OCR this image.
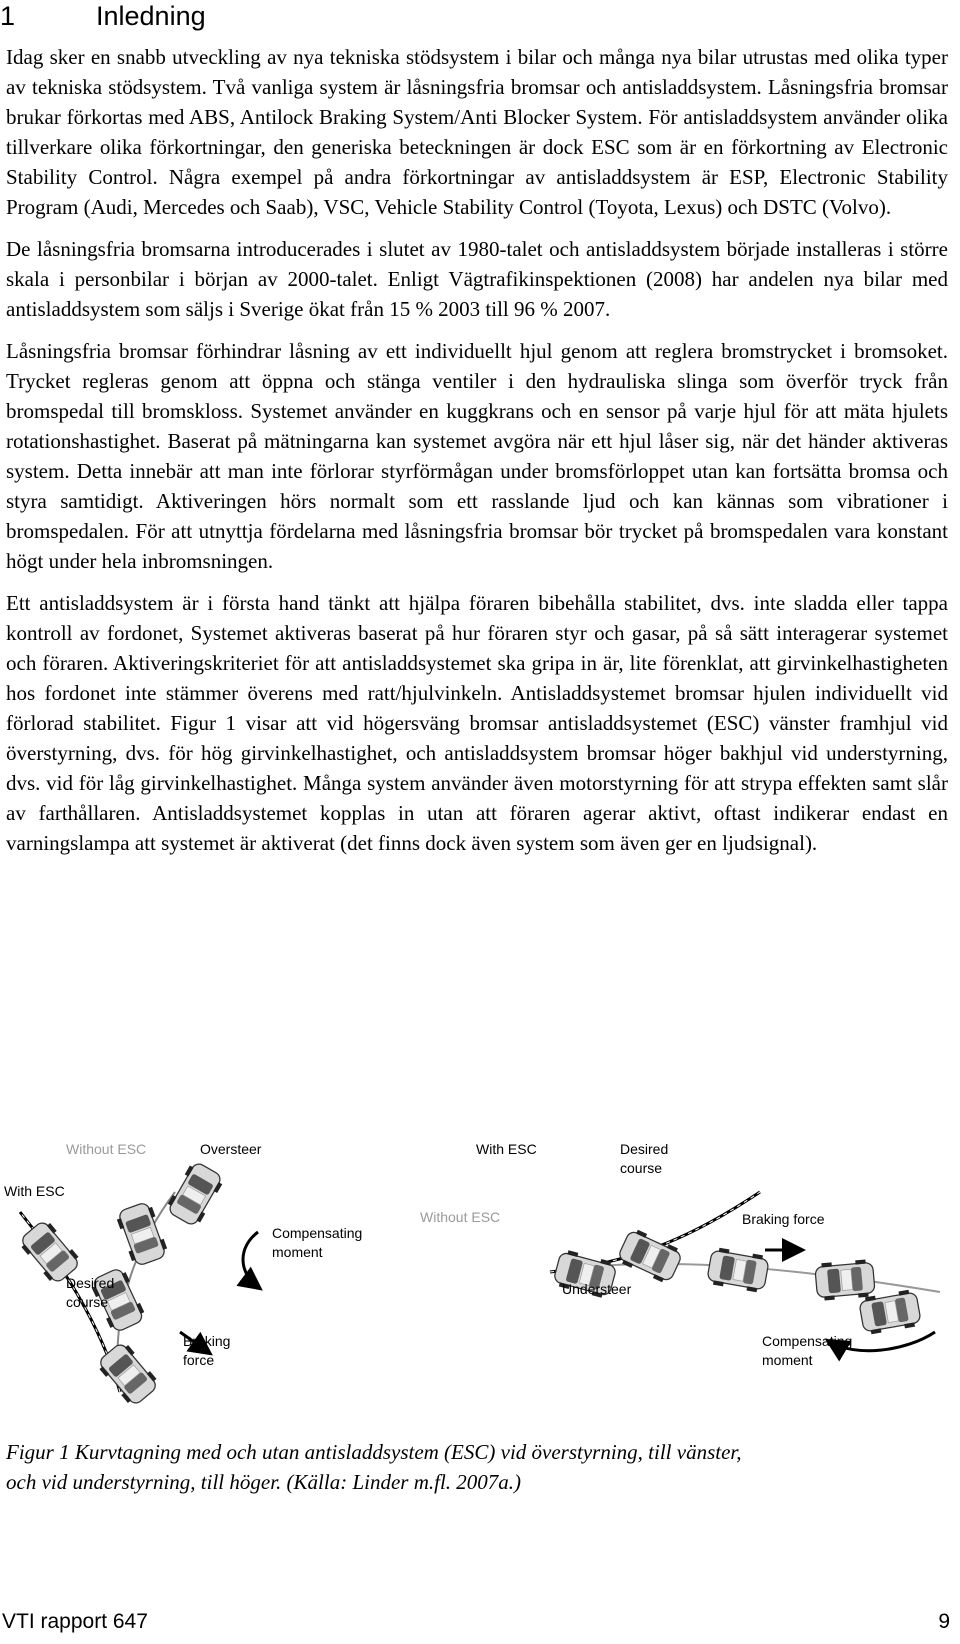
1	Inledning

Idag sker en snabb utveckling av nya tekniska stödsystem i bilar och många nya bilar utrustas med olika typer av tekniska stödsystem. Två vanliga system är låsningsfria bromsar och antisladdsystem. Låsningsfria bromsar brukar förkortas med ABS, Antilock Braking System/Anti Blocker System. För antisladdsystem använder olika tillverkare olika förkortningar, den generiska beteckningen är dock ESC som är en förkortning av Electronic Stability Control. Några exempel på andra förkortningar av antisladdsystem är ESP, Electronic Stability Program (Audi, Mercedes och Saab), VSC, Vehicle Stability Control (Toyota, Lexus) och DSTC (Volvo).

De låsningsfria bromsarna introducerades i slutet av 1980-talet och antisladdsystem började installeras i större skala i personbilar i början av 2000-talet. Enligt Vägtrafikinspektionen (2008) har andelen nya bilar med antisladdsystem som säljs i Sverige ökat från 15 % 2003 till 96 % 2007.

Låsningsfria bromsar förhindrar låsning av ett individuellt hjul genom att reglera bromstrycket i bromsoket. Trycket regleras genom att öppna och stänga ventiler i den hydrauliska slinga som överför tryck från bromspedal till bromskloss. Systemet använder en kuggkrans och en sensor på varje hjul för att mäta hjulets rotationshastighet. Baserat på mätningarna kan systemet avgöra när ett hjul låser sig, när det händer aktiveras system. Detta innebär att man inte förlorar styrförmågan under bromsförloppet utan kan fortsätta bromsa och styra samtidigt. Aktiveringen hörs normalt som ett rasslande ljud och kan kännas som vibrationer i bromspedalen. För att utnyttja fördelarna med låsningsfria bromsar bör trycket på bromspedalen vara konstant högt under hela inbromsningen.

Ett antisladdsystem är i första hand tänkt att hjälpa föraren bibehålla stabilitet, dvs. inte sladda eller tappa kontroll av fordonet, Systemet aktiveras baserat på hur föraren styr och gasar, på så sätt interagerar systemet och föraren. Aktiveringskriteriet för att antisladdsystemet ska gripa in är, lite förenklat, att girvinkelhastigheten hos fordonet inte stämmer överens med ratt/hjulvinkeln. Antisladdsystemet bromsar hjulen individuellt vid förlorad stabilitet. Figur 1 visar att vid högersväng bromsar antisladdsystemet (ESC) vänster framhjul vid överstyrning, dvs. för hög girvinkelhastighet, och antisladdsystem bromsar höger bakhjul vid understyrning, dvs. vid för låg girvinkelhastighet. Många system använder även motorstyrning för att strypa effekten samt slår av farthållaren. Antisladdsystemet kopplas in utan att föraren agerar aktivt, oftast indikerar endast en varningslampa att systemet är aktiverat (det finns dock även system som även ger en ljudsignal).

Without ESC	Oversteer
With ESC
Compensating
moment
Desired
course
Braking
force
With ESC	Desired
course
Without ESC	Braking force
Understeer
Compensating
moment
Figur 1 Kurvtagning med och utan antisladdsystem (ESC) vid överstyrning, till vänster,
och vid understyrning, till höger. (Källa: Linder m.fl. 2007a.)
VTI rapport 647	9
